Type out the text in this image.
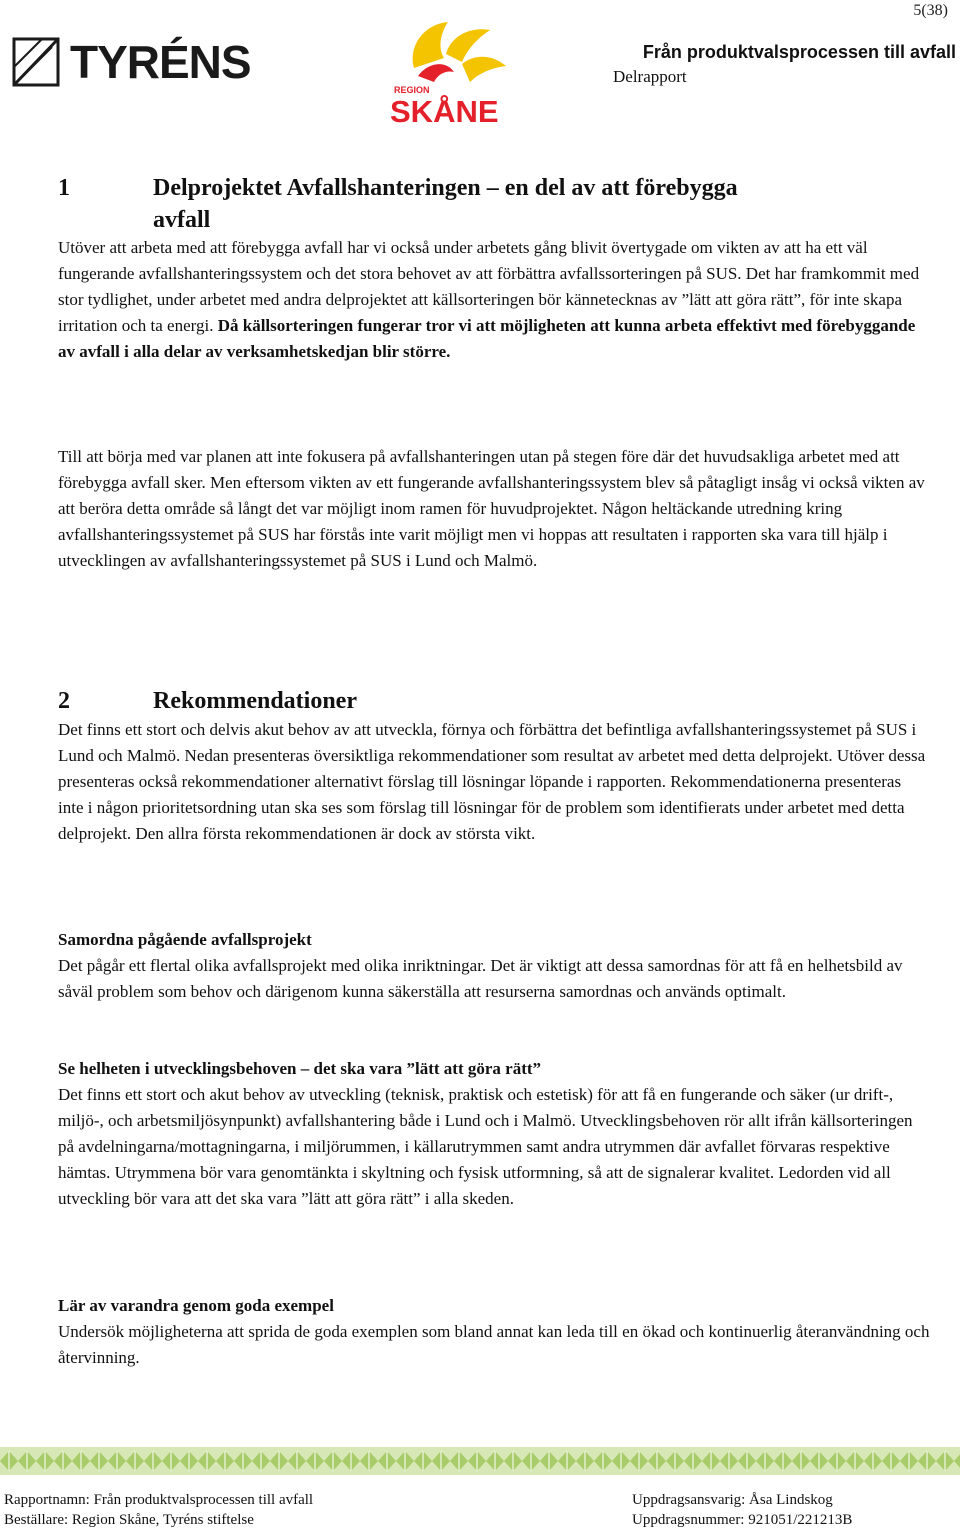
5(38)
TYRÉNS
REGION
SKÅNE
Från produktvalsprocessen till avfall
Delrapport
1	Delprojektet Avfallshanteringen – en del av att förebygga avfall

Utöver att arbeta med att förebygga avfall har vi också under arbetets gång blivit övertygade om vikten av att ha ett väl fungerande avfallshanteringssystem och det stora behovet av att förbättra avfallssorteringen på SUS. Det har framkommit med stor tydlighet, under arbetet med andra delprojektet att källsorteringen bör kännetecknas av ”lätt att göra rätt”, för inte skapa irritation och ta energi. Då källsorteringen fungerar tror vi att möjligheten att kunna arbeta effektivt med förebyggande av avfall i alla delar av verksamhetskedjan blir större.

Till att börja med var planen att inte fokusera på avfallshanteringen utan på stegen före där det huvudsakliga arbetet med att förebygga avfall sker. Men eftersom vikten av ett fungerande avfallshanteringssystem blev så påtagligt insåg vi också vikten av att beröra detta område så långt det var möjligt inom ramen för huvudprojektet. Någon heltäckande utredning kring avfallshanteringssystemet på SUS har förstås inte varit möjligt men vi hoppas att resultaten i rapporten ska vara till hjälp i utvecklingen av avfallshanteringssystemet på SUS i Lund och Malmö.

2	Rekommendationer

Det finns ett stort och delvis akut behov av att utveckla, förnya och förbättra det befintliga avfallshanteringssystemet på SUS i Lund och Malmö. Nedan presenteras översiktliga rekommendationer som resultat av arbetet med detta delprojekt. Utöver dessa presenteras också rekommendationer alternativt förslag till lösningar löpande i rapporten. Rekommendationerna presenteras inte i någon prioritetsordning utan ska ses som förslag till lösningar för de problem som identifierats under arbetet med detta delprojekt. Den allra första rekommendationen är dock av största vikt.

Samordna pågående avfallsprojekt
Det pågår ett flertal olika avfallsprojekt med olika inriktningar. Det är viktigt att dessa samordnas för att få en helhetsbild av såväl problem som behov och därigenom kunna säkerställa att resurserna samordnas och används optimalt.
Se helheten i utvecklingsbehoven – det ska vara ”lätt att göra rätt”
Det finns ett stort och akut behov av utveckling (teknisk, praktisk och estetisk) för att få en fungerande och säker (ur drift-, miljö-, och arbetsmiljösynpunkt) avfallshantering både i Lund och i Malmö. Utvecklingsbehoven rör allt ifrån källsorteringen på avdelningarna/mottagningarna, i miljörummen, i källarutrymmen samt andra utrymmen där avfallet förvaras respektive hämtas. Utrymmena bör vara genomtänkta i skyltning och fysisk utformning, så att de signalerar kvalitet. Ledorden vid all utveckling bör vara att det ska vara ”lätt att göra rätt” i alla skeden.
Lär av varandra genom goda exempel
Undersök möjligheterna att sprida de goda exemplen som bland annat kan leda till en ökad och kontinuerlig återanvändning och återvinning.
Rapportnamn: Från produktvalsprocessen till avfall
Beställare: Region Skåne, Tyréns stiftelse
Uppdragsansvarig: Åsa Lindskog
Uppdragsnummer: 921051/221213B
